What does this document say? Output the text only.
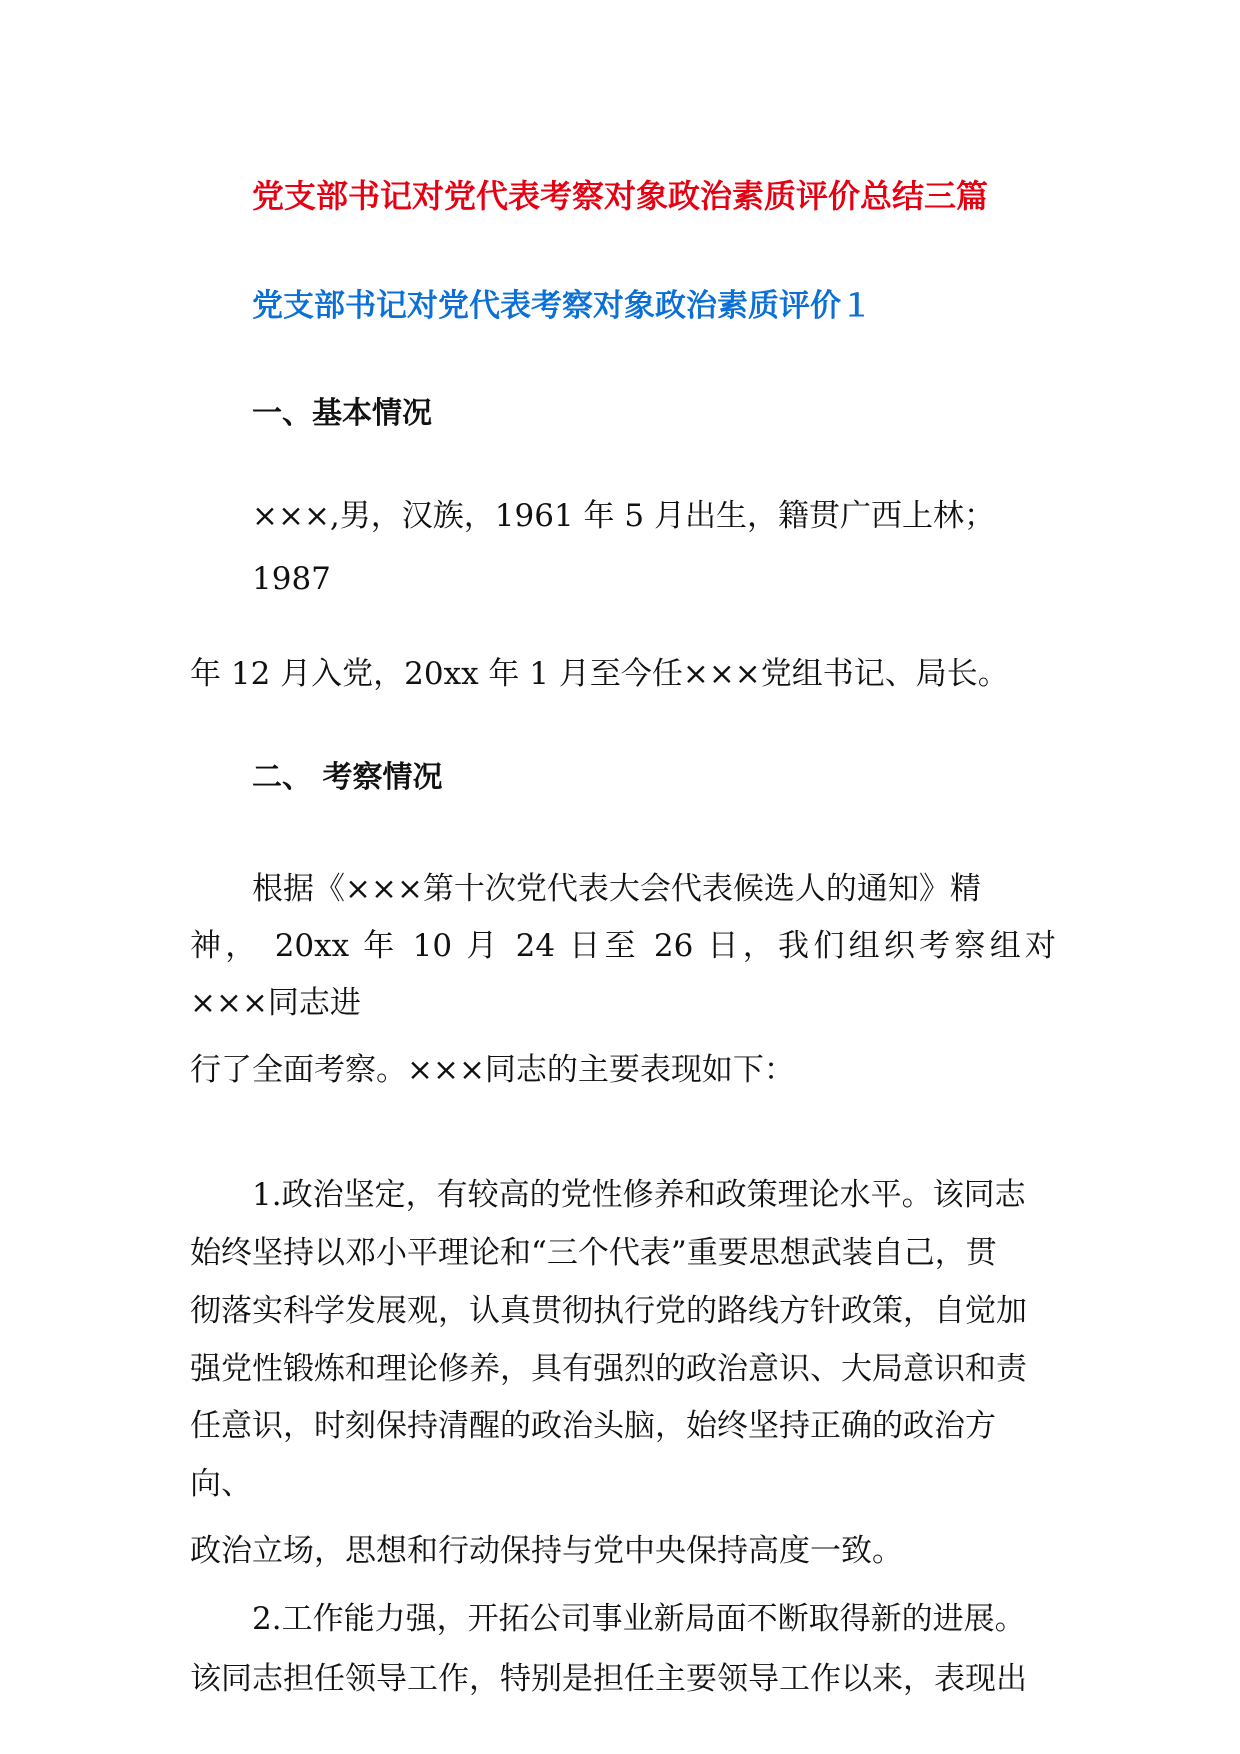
党支部书记对党代表考察对象政治素质评价总结三篇
党支部书记对党代表考察对象政治素质评价１
一、基本情况
×××,男，汉族，1961 年 5 月出生，籍贯广西上林；
1987
年 12 月入党，20xx 年 1 月至今任×××党组书记、局长。
二、 考察情况
根据《×××第十次党代表大会代表候选人的通知》精
神， 20xx 年 10 月 24 日至 26 日，我们组织考察组对
×××同志进
行了全面考察。×××同志的主要表现如下：
1.政治坚定，有较高的党性修养和政策理论水平。该同志
始终坚持以邓小平理论和“三个代表”重要思想武装自己，贯
彻落实科学发展观，认真贯彻执行党的路线方针政策，自觉加
强党性锻炼和理论修养，具有强烈的政治意识、大局意识和责
任意识，时刻保持清醒的政治头脑，始终坚持正确的政治方
向、
政治立场，思想和行动保持与党中央保持高度一致。
2.工作能力强，开拓公司事业新局面不断取得新的进展。
该同志担任领导工作，特别是担任主要领导工作以来，表现出
